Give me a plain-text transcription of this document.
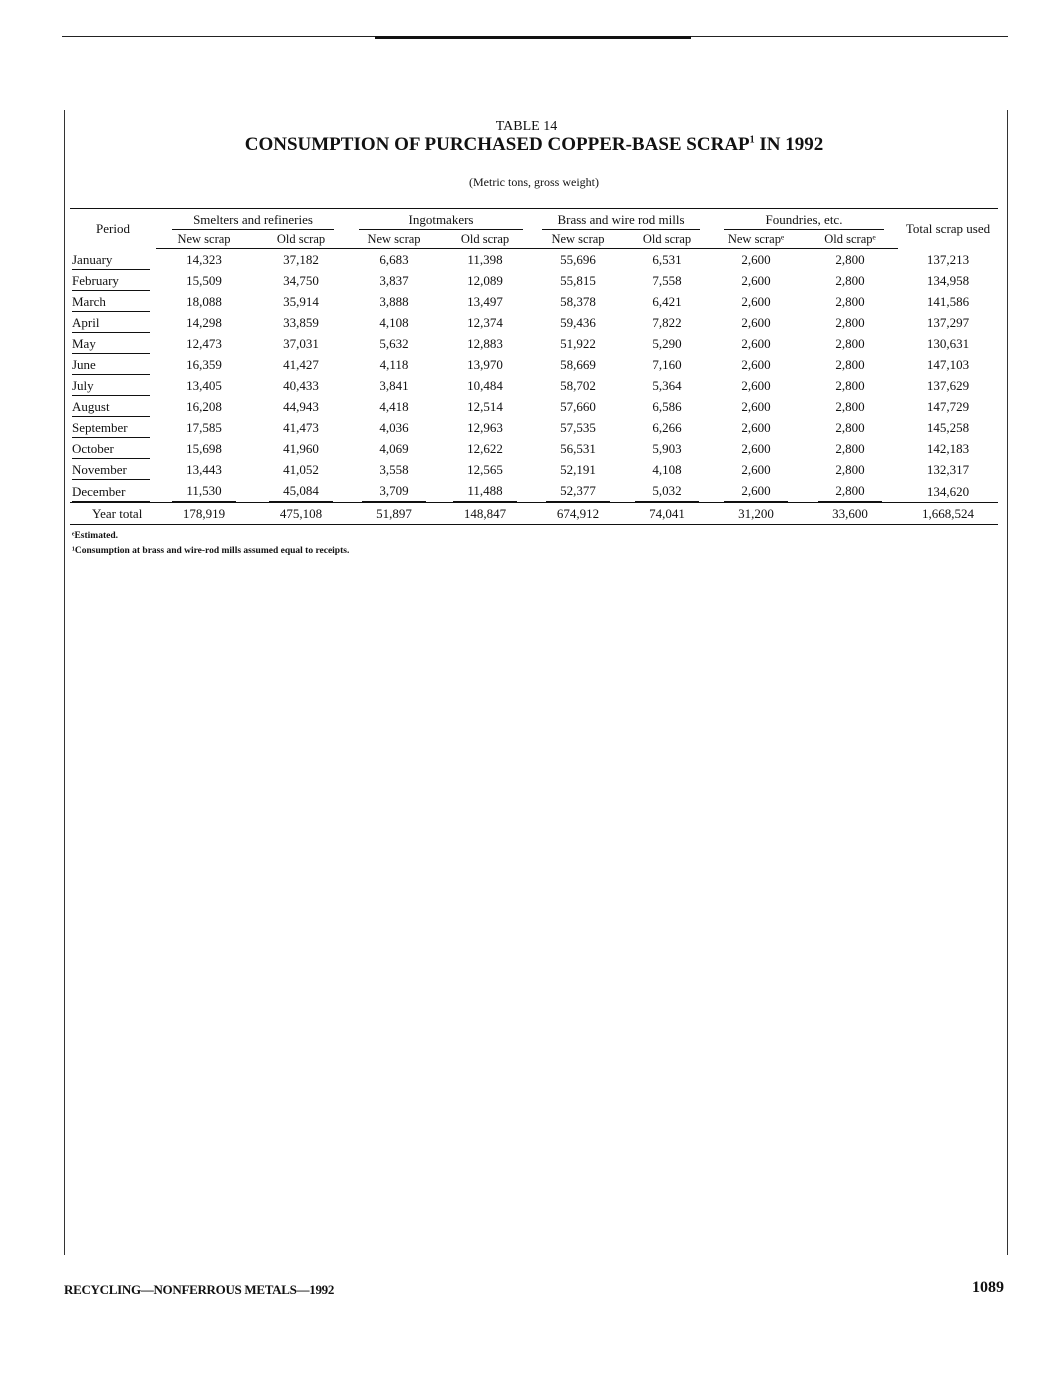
TABLE 14
CONSUMPTION OF PURCHASED COPPER-BASE SCRAP$^1$ IN 1992
(Metric tons, gross weight)
Period	Smelters and refineries		Ingotmakers		Brass and wire rod mills		Foundries, etc.		Total scrap used
	New scrap	Old scrap	New scrap	Old scrap	New scrap	Old scrap	New scrapᵉ	Old scrapᵉ	
January	14,323	37,182	6,683	11,398	55,696	6,531	2,600	2,800	137,213
February	15,509	34,750	3,837	12,089	55,815	7,558	2,600	2,800	134,958
March	18,088	35,914	3,888	13,497	58,378	6,421	2,600	2,800	141,586
April	14,298	33,859	4,108	12,374	59,436	7,822	2,600	2,800	137,297
May	12,473	37,031	5,632	12,883	51,922	5,290	2,600	2,800	130,631
June	16,359	41,427	4,118	13,970	58,669	7,160	2,600	2,800	147,103
July	13,405	40,433	3,841	10,484	58,702	5,364	2,600	2,800	137,629
August	16,208	44,943	4,418	12,514	57,660	6,586	2,600	2,800	147,729
September	17,585	41,473	4,036	12,963	57,535	6,266	2,600	2,800	145,258
October	15,698	41,960	4,069	12,622	56,531	5,903	2,600	2,800	142,183
November	13,443	41,052	3,558	12,565	52,191	4,108	2,600	2,800	132,317
December	11,530	45,084	3,709	11,488	52,377	5,032	2,600	2,800	134,620
Year total	178,919	475,108	51,897	148,847	674,912	74,041	31,200	33,600	1,668,524
ᵉEstimated.
¹Consumption at brass and wire-rod mills assumed equal to receipts.
RECYCLING—NONFERROUS METALS—1992	1089
